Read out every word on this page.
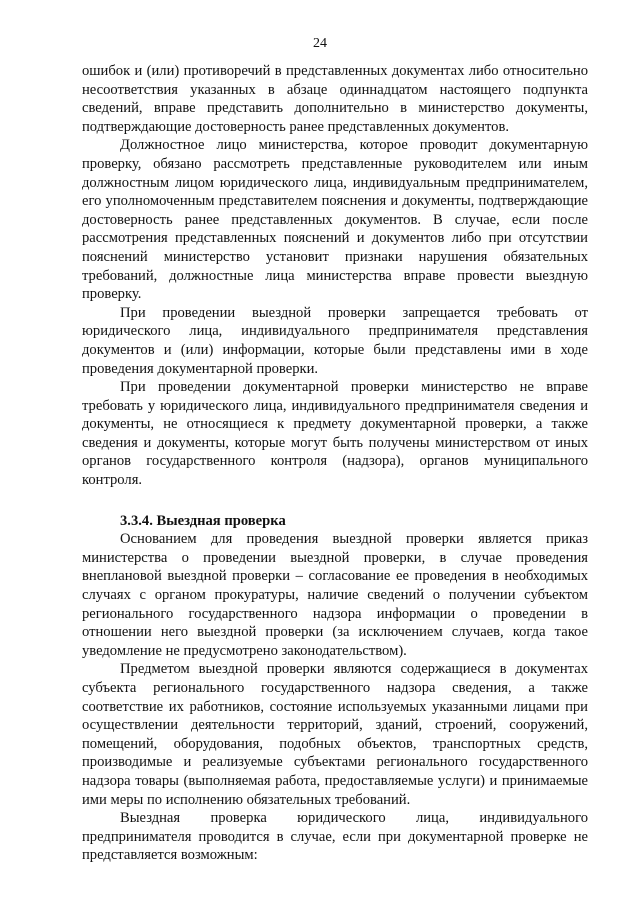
24

ошибок и (или) противоречий в представленных документах либо относительно несоответствия указанных в абзаце одиннадцатом настоящего подпункта сведений, вправе представить дополнительно в министерство документы, подтверждающие достоверность ранее представленных документов.

Должностное лицо министерства, которое проводит документарную проверку, обязано рассмотреть представленные руководителем или иным должностным лицом юридического лица, индивидуальным предпринимателем, его уполномоченным представителем пояснения и документы, подтверждающие достоверность ранее представленных документов. В случае, если после рассмотрения представленных пояснений и документов либо при отсутствии пояснений министерство установит признаки нарушения обязательных требований, должностные лица министерства вправе провести выездную проверку.

При проведении выездной проверки запрещается требовать от юридического лица, индивидуального предпринимателя представления документов и (или) информации, которые были представлены ими в ходе проведения документарной проверки.

При проведении документарной проверки министерство не вправе требовать у юридического лица, индивидуального предпринимателя сведения и документы, не относящиеся к предмету документарной проверки, а также сведения и документы, которые могут быть получены министерством от иных органов государственного контроля (надзора), органов муниципального контроля.

3.3.4. Выездная проверка

Основанием для проведения выездной проверки является приказ министерства о проведении выездной проверки, в случае проведения внеплановой выездной проверки – согласование ее проведения в необходимых случаях с органом прокуратуры, наличие сведений о получении субъектом регионального государственного надзора информации о проведении в отношении него выездной проверки (за исключением случаев, когда такое уведомление не предусмотрено законодательством).

Предметом выездной проверки являются содержащиеся в документах субъекта регионального государственного надзора сведения, а также соответствие их работников, состояние используемых указанными лицами при осуществлении деятельности территорий, зданий, строений, сооружений, помещений, оборудования, подобных объектов, транспортных средств, производимые и реализуемые субъектами регионального государственного надзора товары (выполняемая работа, предоставляемые услуги) и принимаемые ими меры по исполнению обязательных требований.

Выездная проверка юридического лица, индивидуального предпринимателя проводится в случае, если при документарной проверке не представляется возможным:
